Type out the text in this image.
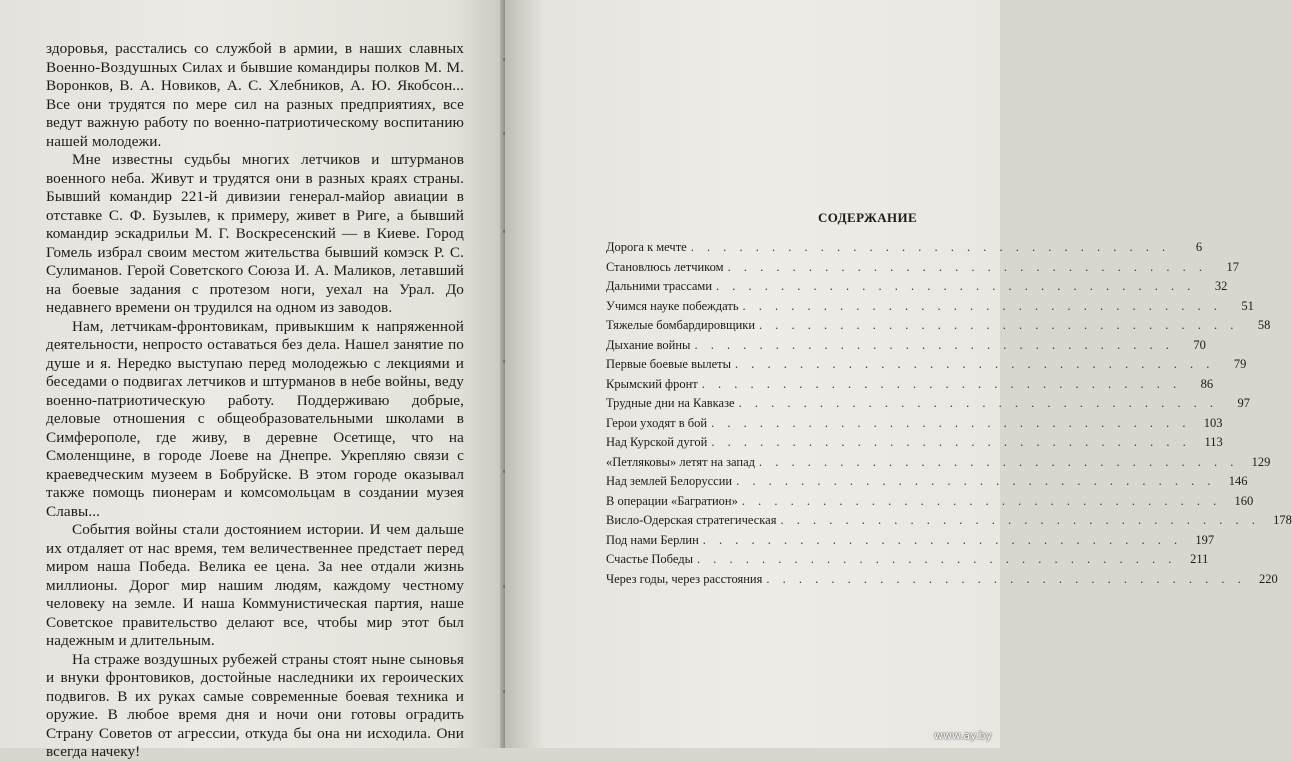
здоровья, расстались со службой в армии, в наших славных Военно-Воздушных Силах и бывшие командиры полков М. М. Воронков, В. А. Новиков, А. С. Хлебников, А. Ю. Якобсон... Все они трудятся по мере сил на разных предприятиях, все ведут важную работу по военно-патриотическому воспитанию нашей молодежи.

Мне известны судьбы многих летчиков и штурманов военного неба. Живут и трудятся они в разных краях страны. Бывший командир 221-й дивизии генерал-майор авиации в отставке С. Ф. Бузылев, к примеру, живет в Риге, а бывший командир эскадрильи М. Г. Воскресенский — в Киеве. Город Гомель избрал своим местом жительства бывший комэск Р. С. Сулиманов. Герой Советского Союза И. А. Маликов, летавший на боевые задания с протезом ноги, уехал на Урал. До недавнего времени он трудился на одном из заводов.

Нам, летчикам-фронтовикам, привыкшим к напряженной деятельности, непросто оставаться без дела. Нашел занятие по душе и я. Нередко выступаю перед молодежью с лекциями и беседами о подвигах летчиков и штурманов в небе войны, веду военно-патриотическую работу. Поддерживаю добрые, деловые отношения с общеобразовательными школами в Симферополе, где живу, в деревне Осетище, что на Смоленщине, в городе Лоеве на Днепре. Укрепляю связи с краеведческим музеем в Бобруйске. В этом городе оказывал также помощь пионерам и комсомольцам в создании музея Славы...

События войны стали достоянием истории. И чем дальше их отдаляет от нас время, тем величественнее предстает перед миром наша Победа. Велика ее цена. За нее отдали жизнь миллионы. Дорог мир нашим людям, каждому честному человеку на земле. И наша Коммунистическая партия, наше Советское правительство делают все, чтобы мир этот был надежным и длительным.

На страже воздушных рубежей страны стоят ныне сыновья и внуки фронтовиков, достойные наследники их героических подвигов. В их руках самые современные боевая техника и оружие. В любое время дня и ночи они готовы оградить Страну Советов от агрессии, откуда бы она ни исходила. Они всегда начеку!

СОДЕРЖАНИЕ
Дорога к мечте . . . . . . . . . . . . . . . . . . . . . . . . . . . . . .	6
Становлюсь летчиком . . . . . . . . . . . . . . . . . . . . . . . . . . . . . .	17
Дальними трассами . . . . . . . . . . . . . . . . . . . . . . . . . . . . . .	32
Учимся науке побеждать . . . . . . . . . . . . . . . . . . . . . . . . . . . . . .	51
Тяжелые бомбардировщики . . . . . . . . . . . . . . . . . . . . . . . . . . . . . .	58
Дыхание войны . . . . . . . . . . . . . . . . . . . . . . . . . . . . . .	70
Первые боевые вылеты . . . . . . . . . . . . . . . . . . . . . . . . . . . . . .	79
Крымский фронт . . . . . . . . . . . . . . . . . . . . . . . . . . . . . .	86
Трудные дни на Кавказе . . . . . . . . . . . . . . . . . . . . . . . . . . . . . .	97
Герои уходят в бой . . . . . . . . . . . . . . . . . . . . . . . . . . . . . .	103
Над Курской дугой . . . . . . . . . . . . . . . . . . . . . . . . . . . . . .	113
«Петляковы» летят на запад . . . . . . . . . . . . . . . . . . . . . . . . . . . . . .	129
Над землей Белоруссии . . . . . . . . . . . . . . . . . . . . . . . . . . . . . .	146
В операции «Багратион» . . . . . . . . . . . . . . . . . . . . . . . . . . . . . .	160
Висло-Одерская стратегическая . . . . . . . . . . . . . . . . . . . . . . . . . . . . . .	178
Под нами Берлин . . . . . . . . . . . . . . . . . . . . . . . . . . . . . .	197
Счастье Победы . . . . . . . . . . . . . . . . . . . . . . . . . . . . . .	211
Через годы, через расстояния . . . . . . . . . . . . . . . . . . . . . . . . . . . . . .	220
www.ay.by
